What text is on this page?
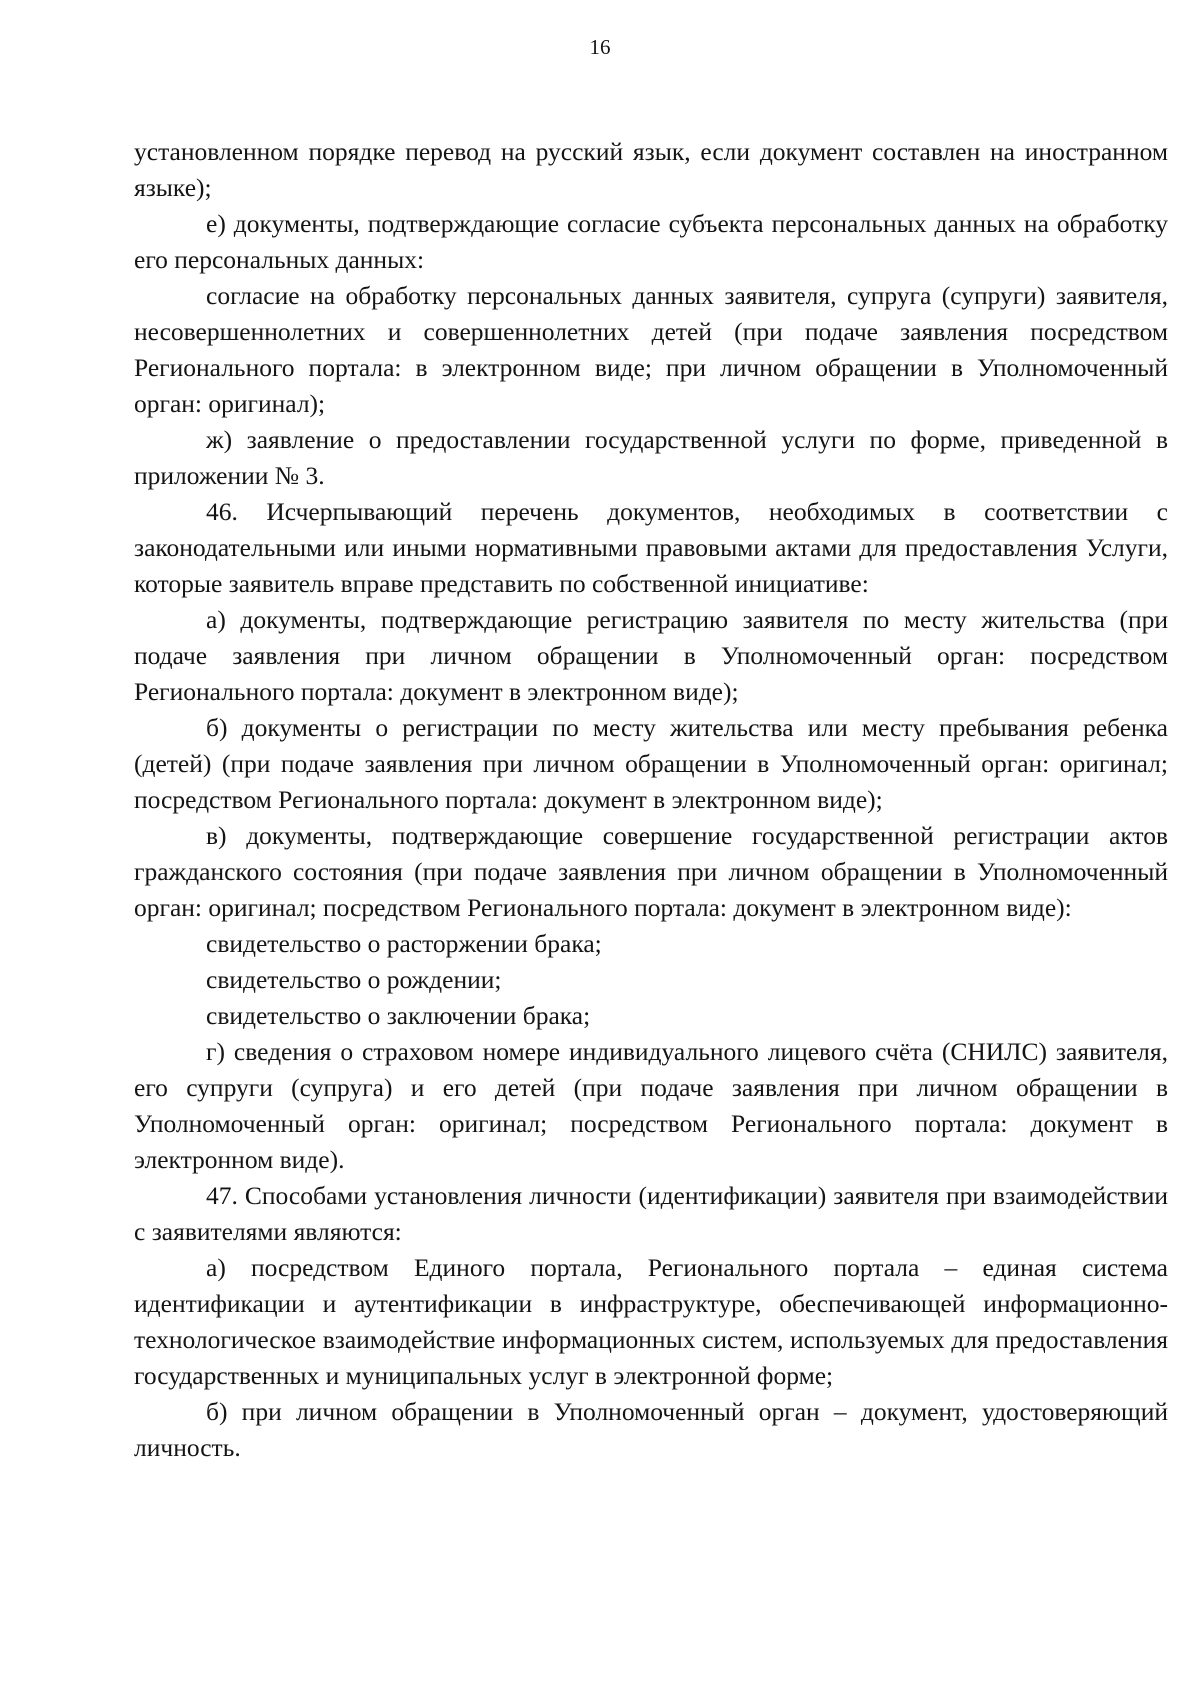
16

установленном порядке перевод на русский язык, если документ составлен на иностранном языке);

е) документы, подтверждающие согласие субъекта персональных данных на обработку его персональных данных:

согласие на обработку персональных данных заявителя, супруга (супруги) заявителя, несовершеннолетних и совершеннолетних детей (при подаче заявления посредством Регионального портала: в электронном виде; при личном обращении в Уполномоченный орган: оригинал);

ж) заявление о предоставлении государственной услуги по форме, приведенной в приложении № 3.

46. Исчерпывающий перечень документов, необходимых в соответствии с законодательными или иными нормативными правовыми актами для предоставления Услуги, которые заявитель вправе представить по собственной инициативе:

а) документы, подтверждающие регистрацию заявителя по месту жительства (при подаче заявления при личном обращении в Уполномоченный орган: посредством Регионального портала: документ в электронном виде);

б) документы о регистрации по месту жительства или месту пребывания ребенка (детей) (при подаче заявления при личном обращении в Уполномоченный орган: оригинал; посредством Регионального портала: документ в электронном виде);

в) документы, подтверждающие совершение государственной регистрации актов гражданского состояния (при подаче заявления при личном обращении в Уполномоченный орган: оригинал; посредством Регионального портала: документ в электронном виде):

свидетельство о расторжении брака;

свидетельство о рождении;

свидетельство о заключении брака;

г) сведения о страховом номере индивидуального лицевого счёта (СНИЛС) заявителя, его супруги (супруга) и его детей (при подаче заявления при личном обращении в Уполномоченный орган: оригинал; посредством Регионального портала: документ в электронном виде).

47. Способами установления личности (идентификации) заявителя при взаимодействии с заявителями являются:

а) посредством Единого портала, Регионального портала – единая система идентификации и аутентификации в инфраструктуре, обеспечивающей информационно-технологическое взаимодействие информационных систем, используемых для предоставления государственных и муниципальных услуг в электронной форме;

б) при личном обращении в Уполномоченный орган – документ, удостоверяющий личность.
